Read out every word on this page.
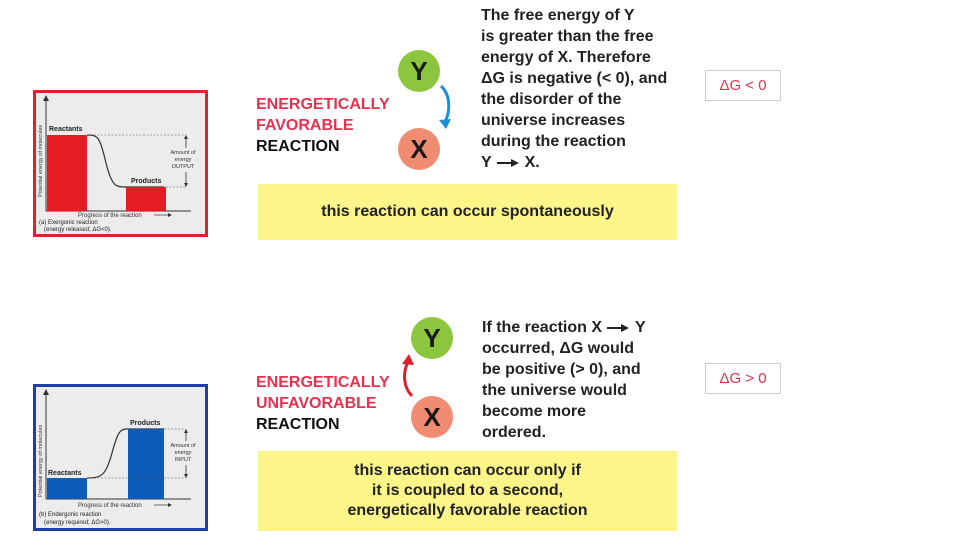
Potential energy of molecules Reactants
Products
Amount of
energy
OUTPUT
Progress of the reaction
(a) Exergonic reaction
(energy released; ΔG<0).
ENERGETICALLY
FAVORABLE
REACTION
Y
X
The free energy of Y
is greater than the free
energy of X. Therefore
ΔG is negative (< 0), and
the disorder of the
universe increases
during the reaction
Y X.
this reaction can occur spontaneously
ΔG < 0
Potential energy of molecules Reactants
Products
Amount of
energy
INPUT
Progress of the reaction
(b) Endergonic reaction
(energy required; ΔG>0).
ENERGETICALLY
UNFAVORABLE
REACTION
Y
X
If the reaction X Y
occurred, ΔG would
be positive (> 0), and
the universe would
become more
ordered.
this reaction can occur only if
it is coupled to a second,
energetically favorable reaction
ΔG > 0
